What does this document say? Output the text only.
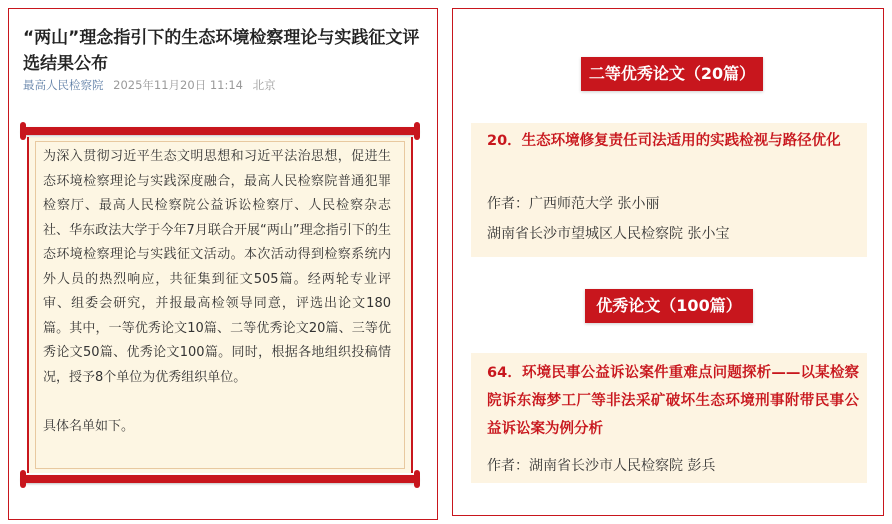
“两山”理念指引下的生态环境检察理论与实践征文评选结果公布
最高人民检察院 2025年11月20日 11:14 北京

为深入贯彻习近平生态文明思想和习近平法治思想，促进生态环境检察理论与实践深度融合，最高人民检察院普通犯罪检察厅、最高人民检察院公益诉讼检察厅、人民检察杂志社、华东政法大学于今年7月联合开展“两山”理念指引下的生态环境检察理论与实践征文活动。本次活动得到检察系统内外人员的热烈响应，共征集到征文505篇。经两轮专业评审、组委会研究，并报最高检领导同意，评选出论文180篇。其中，一等优秀论文10篇、二等优秀论文20篇、三等优秀论文50篇、优秀论文100篇。同时，根据各地组织投稿情况，授予8个单位为优秀组织单位。

具体名单如下。

二等优秀论文（20篇）
20．生态环境修复责任司法适用的实践检视与路径优化
作者：广西师范大学 张小丽
湖南省长沙市望城区人民检察院 张小宝
优秀论文（100篇）
64．环境民事公益诉讼案件重难点问题探析——以某检察院诉东海梦工厂等非法采矿破坏生态环境刑事附带民事公益诉讼案为例分析
作者：湖南省长沙市人民检察院 彭兵
